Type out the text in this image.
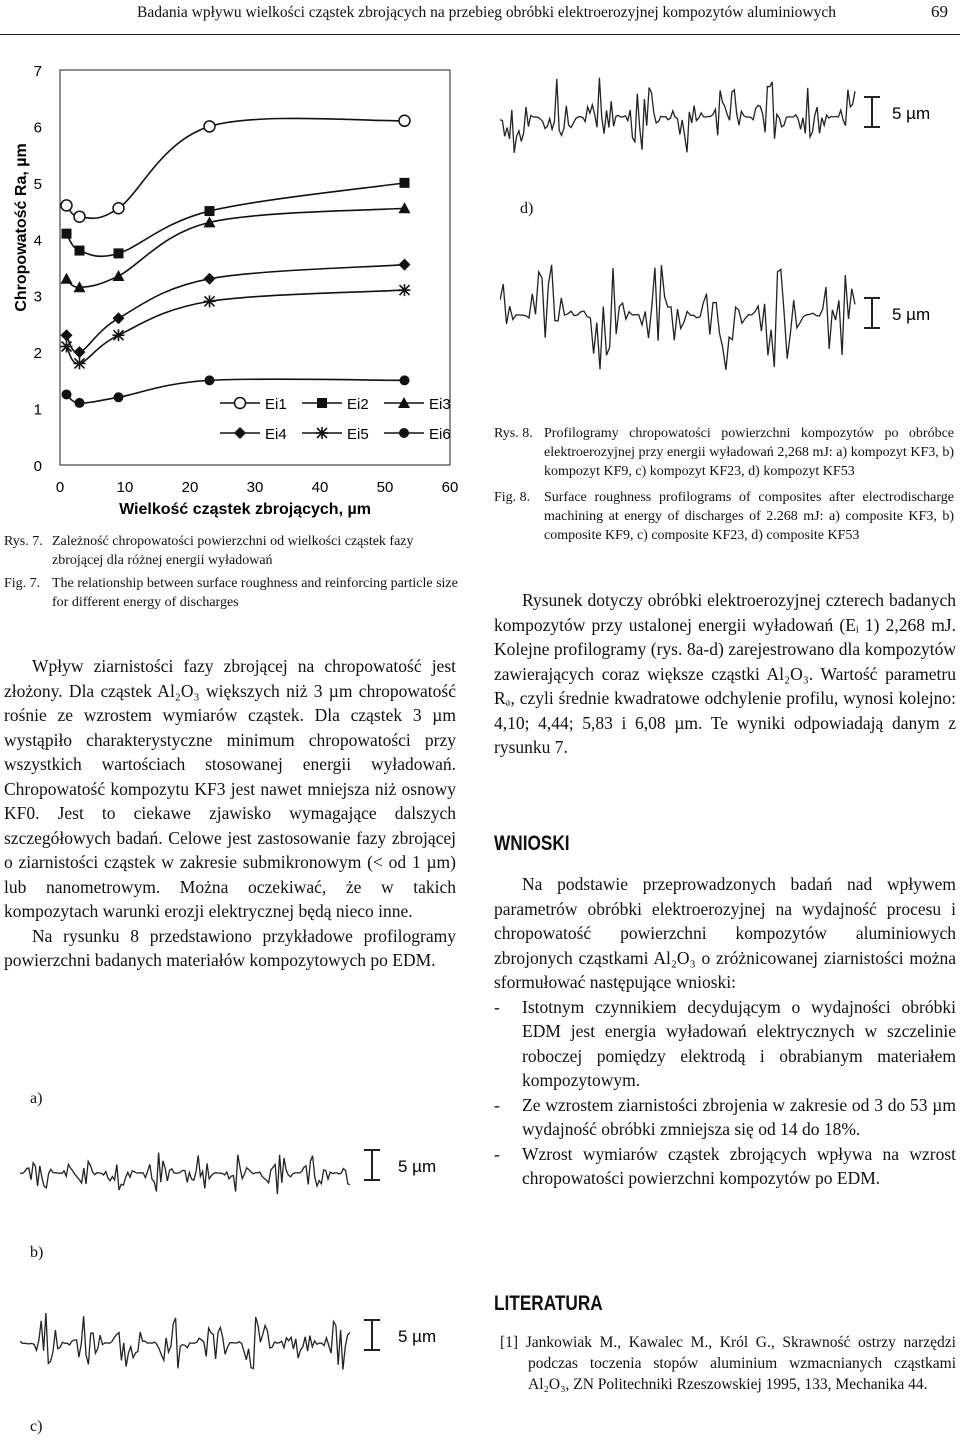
Badania wpływu wielkości cząstek zbrojących na przebieg obróbki elektroerozyjnej kompozytów aluminiowych	69
0
1
2
3
4
5
6
7
0	10	20	30	40	50	60
Wielkość cząstek zbrojących, µm
Chropowatość Ra, µm
Ei1	Ei2	Ei3
Ei4	Ei5	Ei6
Rys. 7. Zależność chropowatości powierzchni od wielkości cząstek fazy zbrojącej dla różnej energii wyładowań
Fig. 7. The relationship between surface roughness and reinforcing particle size for different energy of discharges

Wpływ ziarnistości fazy zbrojącej na chropowatość jest złożony. Dla cząstek Al₂O₃ większych niż 3 µm chropowatość rośnie ze wzrostem wymiarów cząstek. Dla cząstek 3 µm wystąpiło charakterystyczne minimum chropowatości przy wszystkich wartościach stosowanej energii wyładowań. Chropowatość kompozytu KF3 jest nawet mniejsza niż osnowy KF0. Jest to ciekawe zjawisko wymagające dalszych szczegółowych badań. Celowe jest zastosowanie fazy zbrojącej o ziarnistości cząstek w zakresie submikronowym (< od 1 µm) lub nanometrowym. Można oczekiwać, że w takich kompozytach warunki erozji elektrycznej będą nieco inne.

Na rysunku 8 przedstawiono przykładowe profilogramy powierzchni badanych materiałów kompozytowych po EDM.

a)
5 µm
b)
5 µm
c)
5 µm
d)
5 µm
Rys. 8. Profilogramy chropowatości powierzchni kompozytów po obróbce elektroerozyjnej przy energii wyładowań 2,268 mJ: a) kompozyt KF3, b) kompozyt KF9, c) kompozyt KF23, d) kompozyt KF53
Fig. 8. Surface roughness profilograms of composites after electrodischarge machining at energy of discharges of 2.268 mJ: a) composite KF3, b) composite KF9, c) composite KF23, d) composite KF53

Rysunek dotyczy obróbki elektroerozyjnej czterech badanych kompozytów przy ustalonej energii wyładowań (Eᵢ 1) 2,268 mJ. Kolejne profilogramy (rys. 8a-d) zarejestrowano dla kompozytów zawierających coraz większe cząstki Al₂O₃. Wartość parametru Rₐ, czyli średnie kwadratowe odchylenie profilu, wynosi kolejno: 4,10; 4,44; 5,83 i 6,08 µm. Te wyniki odpowiadają danym z rysunku 7.

WNIOSKI

Na podstawie przeprowadzonych badań nad wpływem parametrów obróbki elektroerozyjnej na wydajność procesu i chropowatość powierzchni kompozytów aluminiowych zbrojonych cząstkami Al₂O₃ o zróżnicowanej ziarnistości można sformułować następujące wnioski:

- Istotnym czynnikiem decydującym o wydajności obróbki EDM jest energia wyładowań elektrycznych w szczelinie roboczej pomiędzy elektrodą i obrabianym materiałem kompozytowym.
- Ze wzrostem ziarnistości zbrojenia w zakresie od 3 do 53 µm wydajność obróbki zmniejsza się od 14 do 18%.
- Wzrost wymiarów cząstek zbrojących wpływa na wzrost chropowatości powierzchni kompozytów po EDM.
LITERATURA
[1] Jankowiak M., Kawalec M., Król G., Skrawność ostrzy narzędzi podczas toczenia stopów aluminium wzmacnianych cząstkami Al₂O₃, ZN Politechniki Rzeszowskiej 1995, 133, Mechanika 44.
